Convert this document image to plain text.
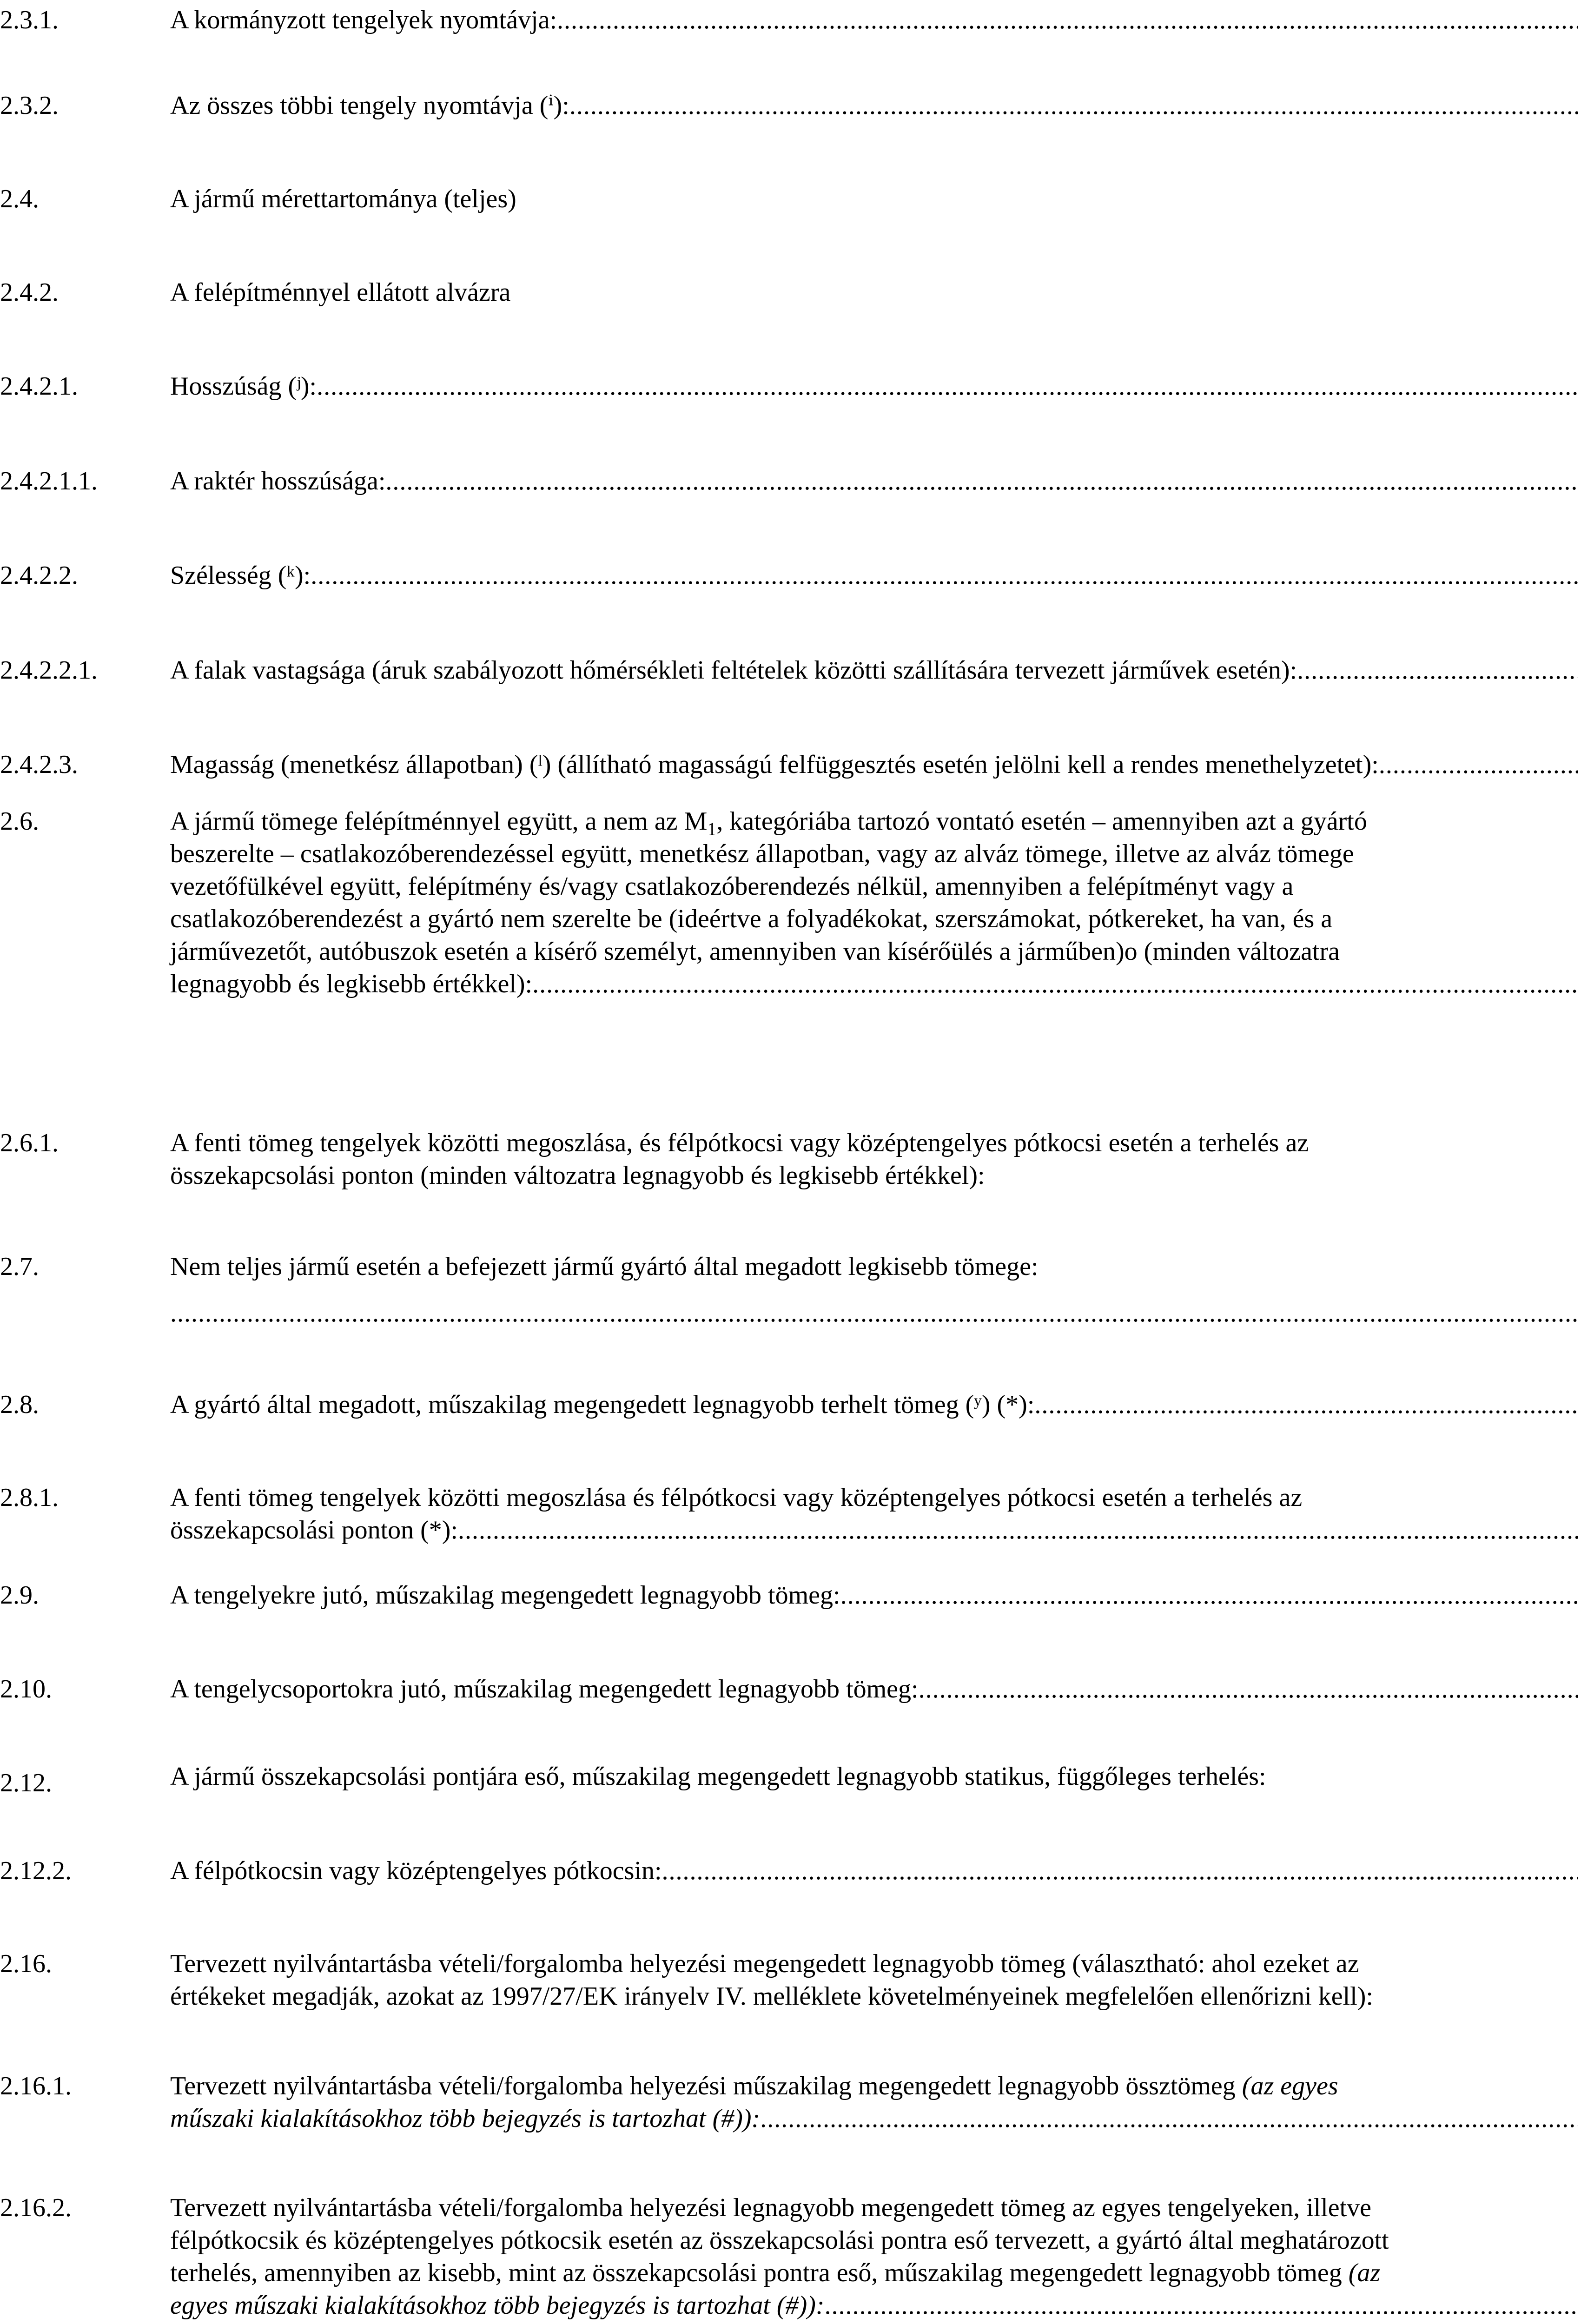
2.3.1.	A kormányzott tengelyek nyomtávja:
.....
2.3.2.	Az összes többi tengely nyomtávja (ⁱ):
.....
2.4.	A jármű mérettartománya (teljes)
2.4.2.	A felépítménnyel ellátott alvázra
2.4.2.1.	Hosszúság (ʲ):
.....
2.4.2.1.1.	A raktér hosszúsága:
.....
2.4.2.2.	Szélesség (ᵏ):
.....
2.4.2.2.1.	A falak vastagsága (áruk szabályozott hőmérsékleti feltételek közötti szállítására tervezett járművek esetén):
.....
2.4.2.3.	Magasság (menetkész állapotban) (ˡ) (állítható magasságú felfüggesztés esetén jelölni kell a rendes menethelyzetet):
.....
2.6.	A jármű tömege felépítménnyel együtt, a nem az $M_1$, kategóriába tartozó vontató esetén – amennyiben azt a gyártó
beszerelte – csatlakozóberendezéssel együtt, menetkész állapotban, vagy az alváz tömege, illetve az alváz tömege
vezetőfülkével együtt, felépítmény és/vagy csatlakozóberendezés nélkül, amennyiben a felépítményt vagy a
csatlakozóberendezést a gyártó nem szerelte be (ideértve a folyadékokat, szerszámokat, pótkereket, ha van, és a
járművezetőt, autóbuszok esetén a kísérő személyt, amennyiben van kísérőülés a járműben)o (minden változatra
legnagyobb és legkisebb értékkel):
.....
2.6.1.	A fenti tömeg tengelyek közötti megoszlása, és félpótkocsi vagy középtengelyes pótkocsi esetén a terhelés az
összekapcsolási ponton (minden változatra legnagyobb és legkisebb értékkel):
2.7.	Nem teljes jármű esetén a befejezett jármű gyártó által megadott legkisebb tömege:
.....
2.8.	A gyártó által megadott, műszakilag megengedett legnagyobb terhelt tömeg (ʸ) (*):
.....
2.8.1.	A fenti tömeg tengelyek közötti megoszlása és félpótkocsi vagy középtengelyes pótkocsi esetén a terhelés az
összekapcsolási ponton (*):
.....
2.9.	A tengelyekre jutó, műszakilag megengedett legnagyobb tömeg:
.....
2.10.	A tengelycsoportokra jutó, műszakilag megengedett legnagyobb tömeg:
.....
2.12.	A jármű összekapcsolási pontjára eső, műszakilag megengedett legnagyobb statikus, függőleges terhelés:
2.12.2.	A félpótkocsin vagy középtengelyes pótkocsin:
.....
2.16.	Tervezett nyilvántartásba vételi/forgalomba helyezési megengedett legnagyobb tömeg (választható: ahol ezeket az
értékeket megadják, azokat az 1997/27/EK irányelv IV. melléklete követelményeinek megfelelően ellenőrizni kell):
2.16.1.	Tervezett nyilvántartásba vételi/forgalomba helyezési műszakilag megengedett legnagyobb össztömeg (az egyes
műszaki kialakításokhoz több bejegyzés is tartozhat (#)):
.....
2.16.2.	Tervezett nyilvántartásba vételi/forgalomba helyezési legnagyobb megengedett tömeg az egyes tengelyeken, illetve
félpótkocsik és középtengelyes pótkocsik esetén az összekapcsolási pontra eső tervezett, a gyártó által meghatározott
terhelés, amennyiben az kisebb, mint az összekapcsolási pontra eső, műszakilag megengedett legnagyobb tömeg (az
egyes műszaki kialakításokhoz több bejegyzés is tartozhat (#)):
.....
